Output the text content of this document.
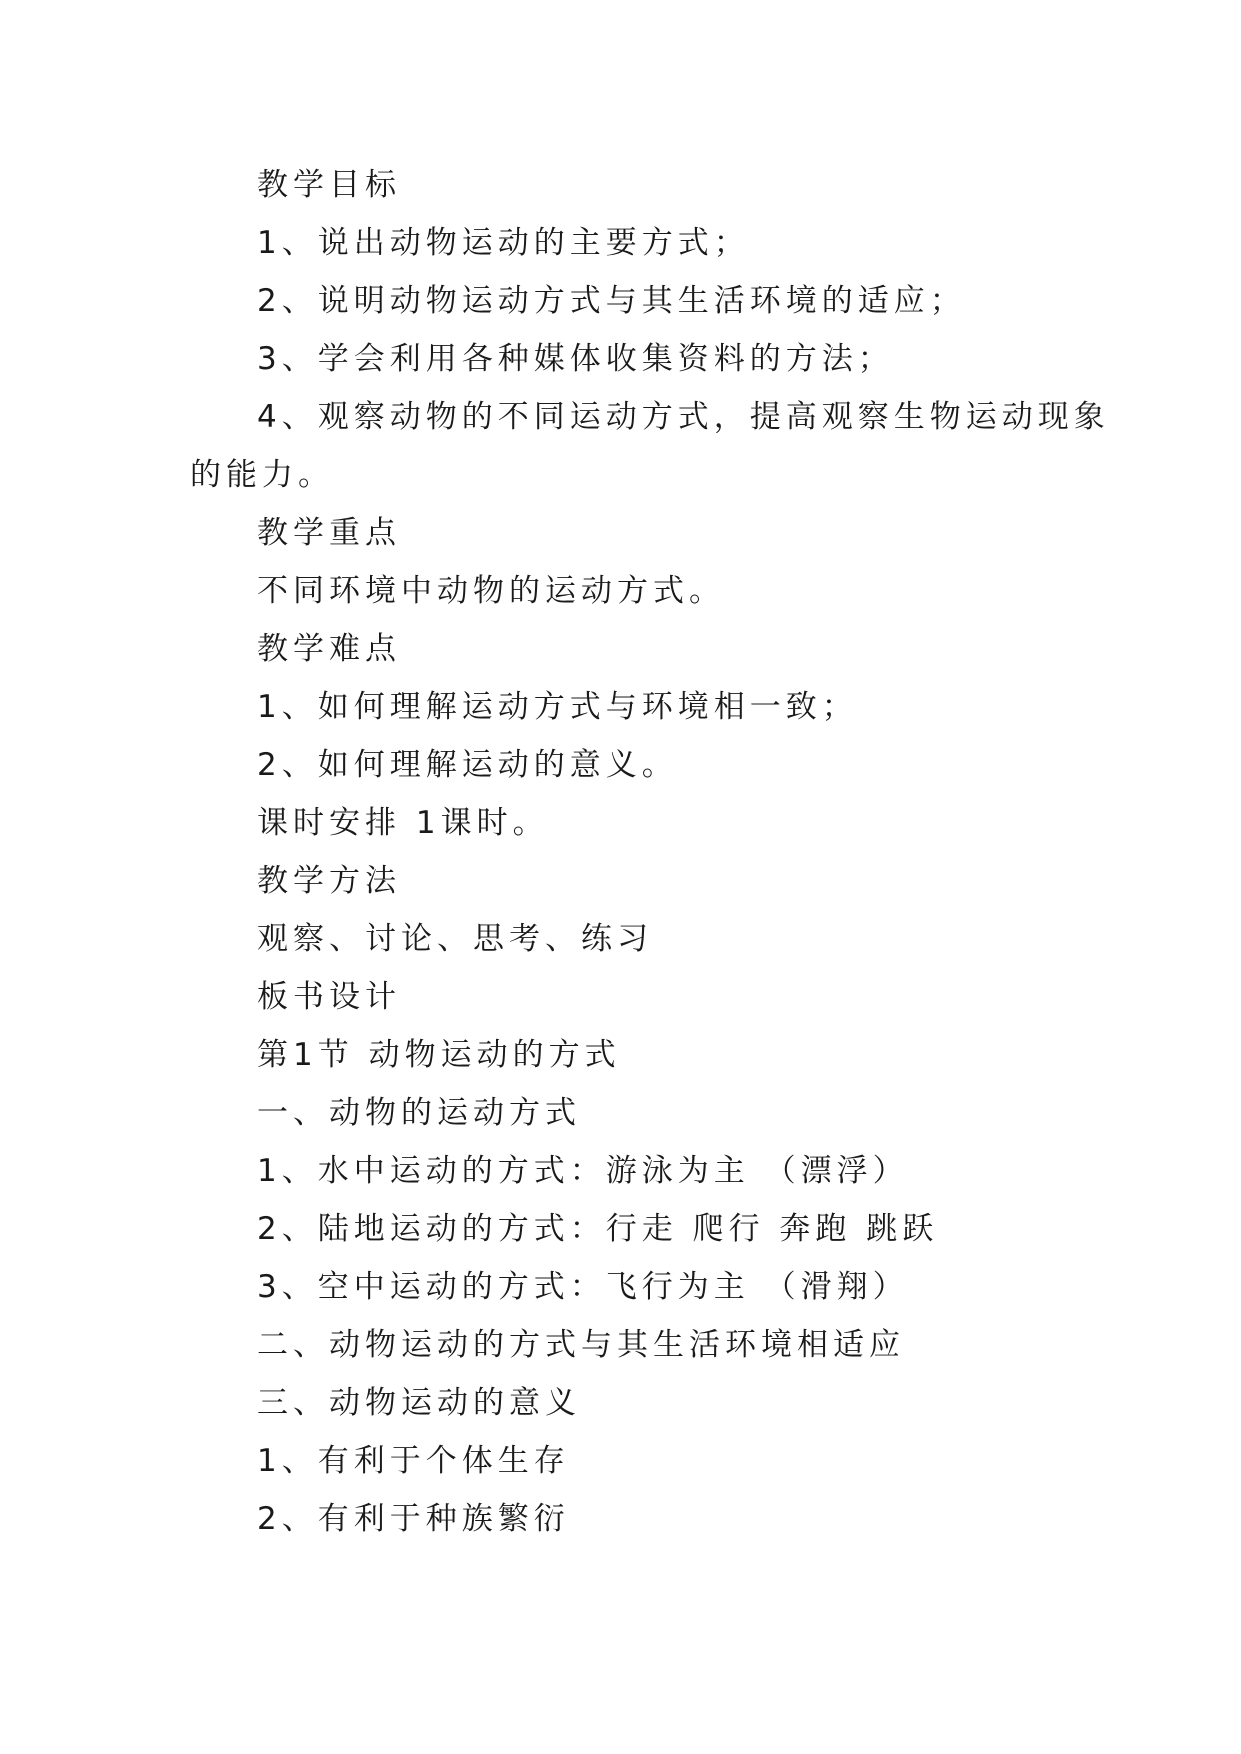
教学目标
1、说出动物运动的主要方式；
2、说明动物运动方式与其生活环境的适应；
3、学会利用各种媒体收集资料的方法；
4、观察动物的不同运动方式，提高观察生物运动现象
的能力。
教学重点
不同环境中动物的运动方式。
教学难点
1、如何理解运动方式与环境相一致；
2、如何理解运动的意义。
课时安排 1课时。
教学方法
观察、讨论、思考、练习
板书设计
第1节 动物运动的方式
一、动物的运动方式
1、水中运动的方式：游泳为主 （漂浮）
2、陆地运动的方式：行走 爬行 奔跑 跳跃
3、空中运动的方式：飞行为主 （滑翔）
二、动物运动的方式与其生活环境相适应
三、动物运动的意义
1、有利于个体生存
2、有利于种族繁衍
